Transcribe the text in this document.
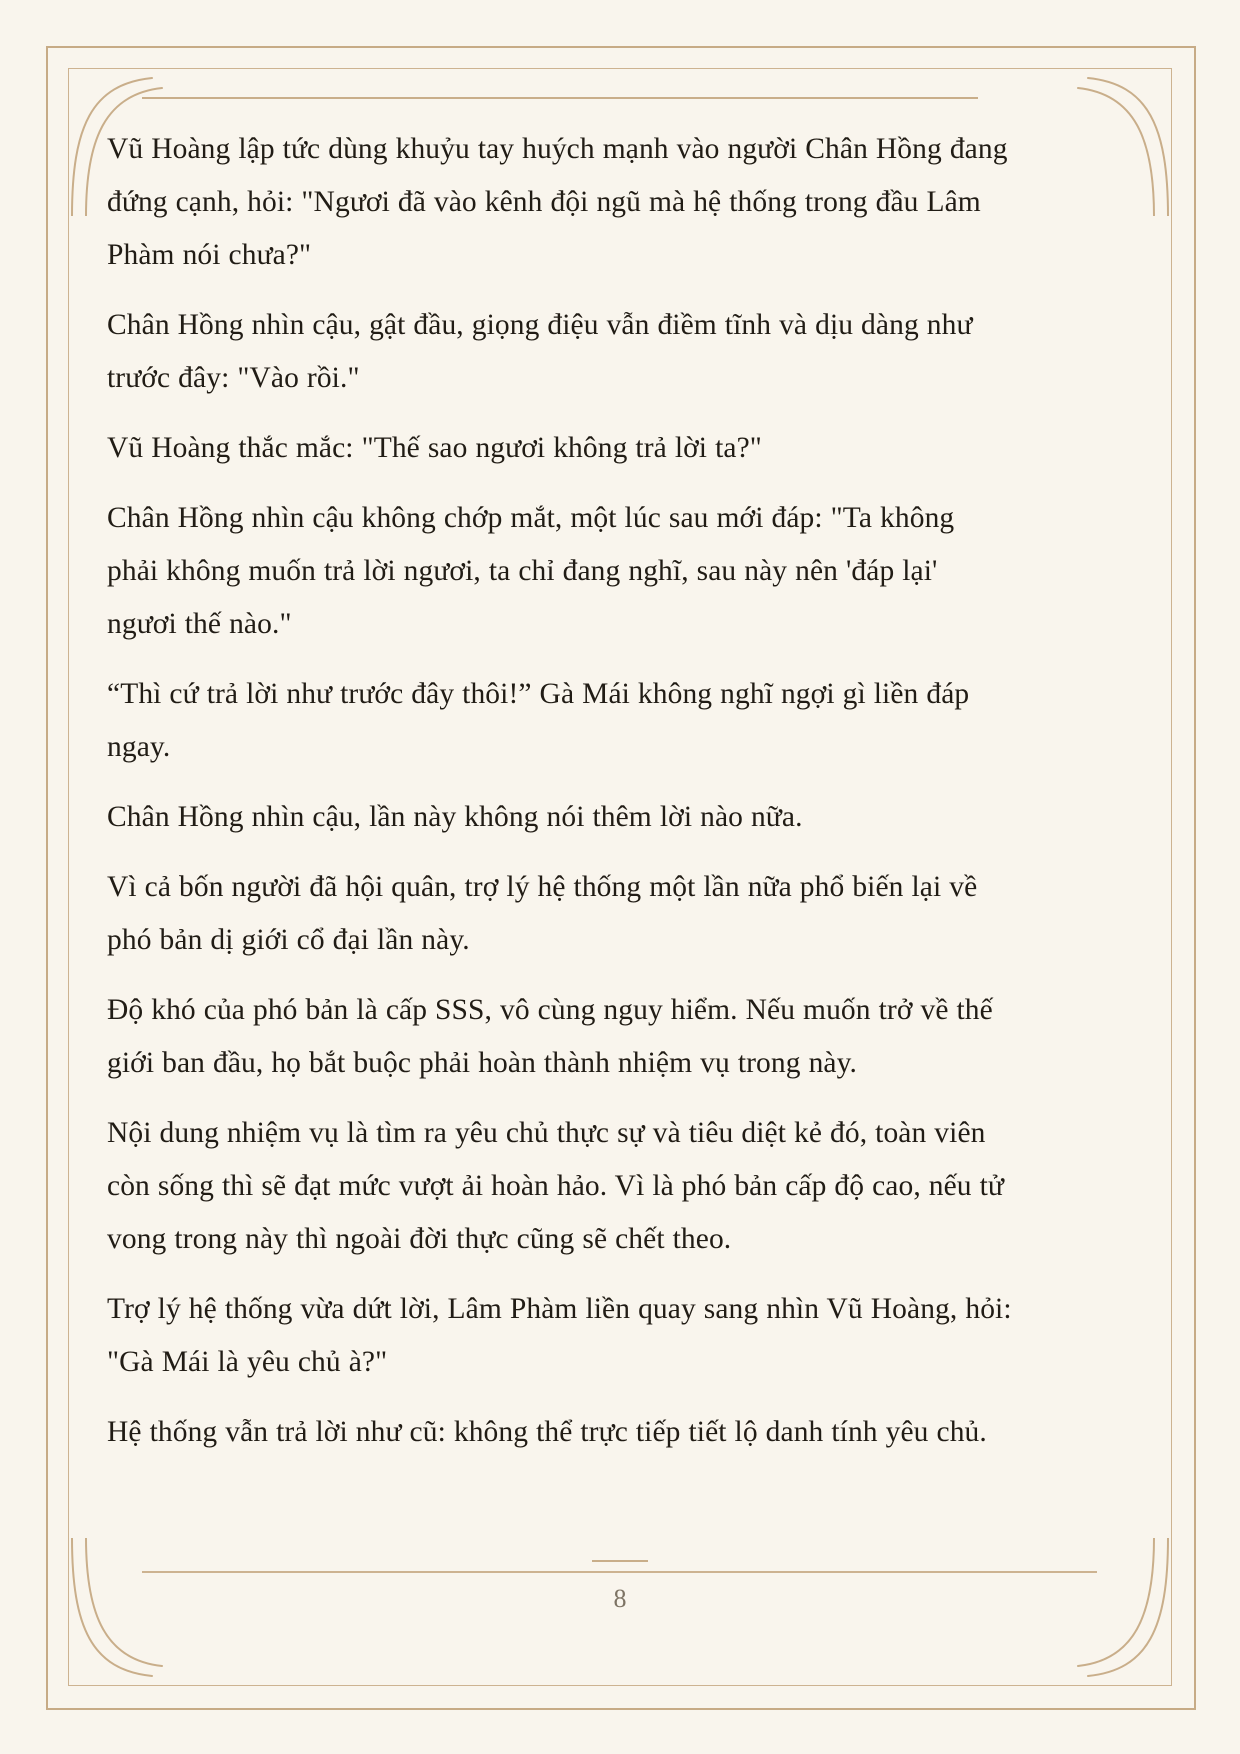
Vũ Hoàng lập tức dùng khuỷu tay huých mạnh vào người Chân Hồng đang đứng cạnh, hỏi: "Ngươi đã vào kênh đội ngũ mà hệ thống trong đầu Lâm Phàm nói chưa?"

Chân Hồng nhìn cậu, gật đầu, giọng điệu vẫn điềm tĩnh và dịu dàng như trước đây: "Vào rồi."

Vũ Hoàng thắc mắc: "Thế sao ngươi không trả lời ta?"

Chân Hồng nhìn cậu không chớp mắt, một lúc sau mới đáp: "Ta không phải không muốn trả lời ngươi, ta chỉ đang nghĩ, sau này nên 'đáp lại' ngươi thế nào."

“Thì cứ trả lời như trước đây thôi!” Gà Mái không nghĩ ngợi gì liền đáp ngay.

Chân Hồng nhìn cậu, lần này không nói thêm lời nào nữa.

Vì cả bốn người đã hội quân, trợ lý hệ thống một lần nữa phổ biến lại về phó bản dị giới cổ đại lần này.

Độ khó của phó bản là cấp SSS, vô cùng nguy hiểm. Nếu muốn trở về thế giới ban đầu, họ bắt buộc phải hoàn thành nhiệm vụ trong này.

Nội dung nhiệm vụ là tìm ra yêu chủ thực sự và tiêu diệt kẻ đó, toàn viên còn sống thì sẽ đạt mức vượt ải hoàn hảo. Vì là phó bản cấp độ cao, nếu tử vong trong này thì ngoài đời thực cũng sẽ chết theo.

Trợ lý hệ thống vừa dứt lời, Lâm Phàm liền quay sang nhìn Vũ Hoàng, hỏi: "Gà Mái là yêu chủ à?"

Hệ thống vẫn trả lời như cũ: không thể trực tiếp tiết lộ danh tính yêu chủ.

8
